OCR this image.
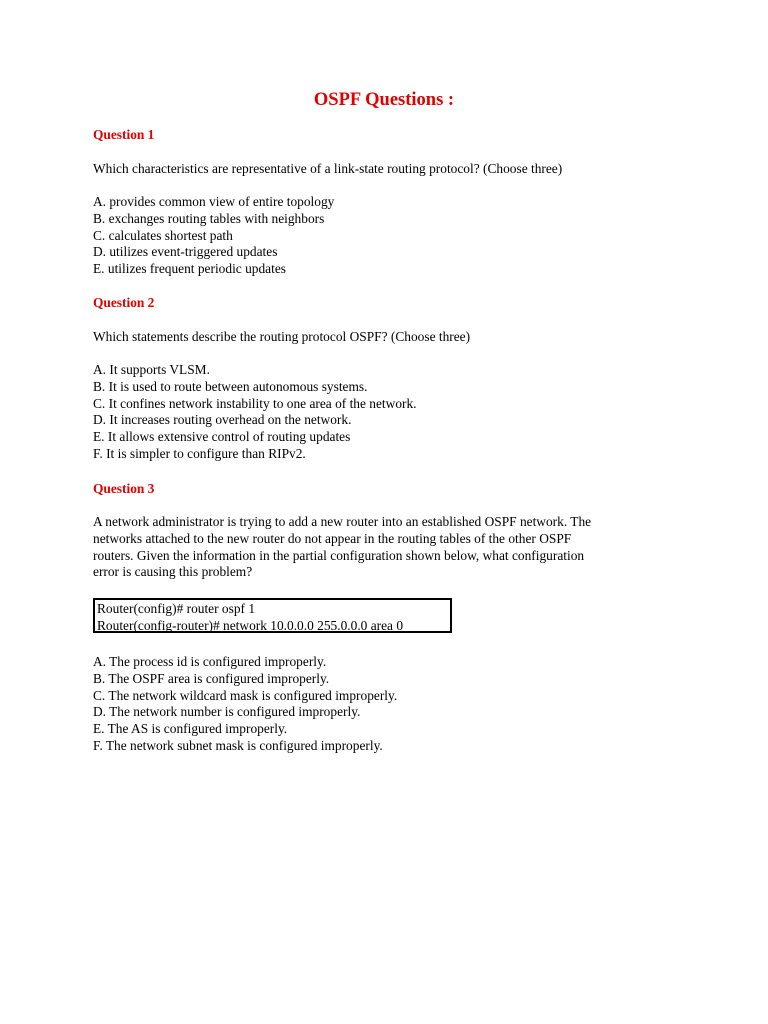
OSPF Questions :
Question 1
Which characteristics are representative of a link-state routing protocol? (Choose three)
A. provides common view of entire topology
B. exchanges routing tables with neighbors
C. calculates shortest path
D. utilizes event-triggered updates
E. utilizes frequent periodic updates
Question 2
Which statements describe the routing protocol OSPF? (Choose three)
A. It supports VLSM.
B. It is used to route between autonomous systems.
C. It confines network instability to one area of the network.
D. It increases routing overhead on the network.
E. It allows extensive control of routing updates
F. It is simpler to configure than RIPv2.
Question 3
A network administrator is trying to add a new router into an established OSPF network. The
networks attached to the new router do not appear in the routing tables of the other OSPF
routers. Given the information in the partial configuration shown below, what configuration
error is causing this problem?
Router(config)# router ospf 1
Router(config-router)# network 10.0.0.0 255.0.0.0 area 0
A. The process id is configured improperly.
B. The OSPF area is configured improperly.
C. The network wildcard mask is configured improperly.
D. The network number is configured improperly.
E. The AS is configured improperly.
F. The network subnet mask is configured improperly.
